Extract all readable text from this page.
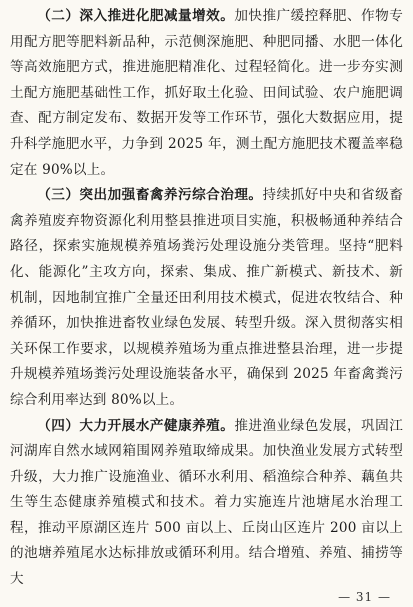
（二）深入推进化肥减量增效。加快推广缓控释肥、作物专用配方肥等肥料新品种，示范侧深施肥、种肥同播、水肥一体化等高效施肥方式，推进施肥精准化、过程轻简化。进一步夯实测土配方施肥基础性工作，抓好取土化验、田间试验、农户施肥调查、配方制定发布、数据开发等工作环节，强化大数据应用，提升科学施肥水平，力争到 2025 年，测土配方施肥技术覆盖率稳定在 90%以上。

（三）突出加强畜禽养污综合治理。持续抓好中央和省级畜禽养殖废弃物资源化利用整县推进项目实施，积极畅通种养结合路径，探索实施规模养殖场粪污处理设施分类管理。坚持“肥料化、能源化”主攻方向，探索、集成、推广新模式、新技术、新机制，因地制宜推广全量还田利用技术模式，促进农牧结合、种养循环，加快推进畜牧业绿色发展、转型升级。深入贯彻落实相关环保工作要求，以规模养殖场为重点推进整县治理，进一步提升规模养殖场粪污处理设施装备水平，确保到 2025 年畜禽粪污综合利用率达到 80%以上。

（四）大力开展水产健康养殖。推进渔业绿色发展，巩固江河湖库自然水域网箱围网养殖取缔成果。加快渔业发展方式转型升级，大力推广设施渔业、循环水利用、稻渔综合种养、藕鱼共生等生态健康养殖模式和技术。着力实施连片池塘尾水治理工程，推动平原湖区连片 500 亩以上、丘岗山区连片 200 亩以上的池塘养殖尾水达标排放或循环利用。结合增殖、养殖、捕捞等大

— 31 —
